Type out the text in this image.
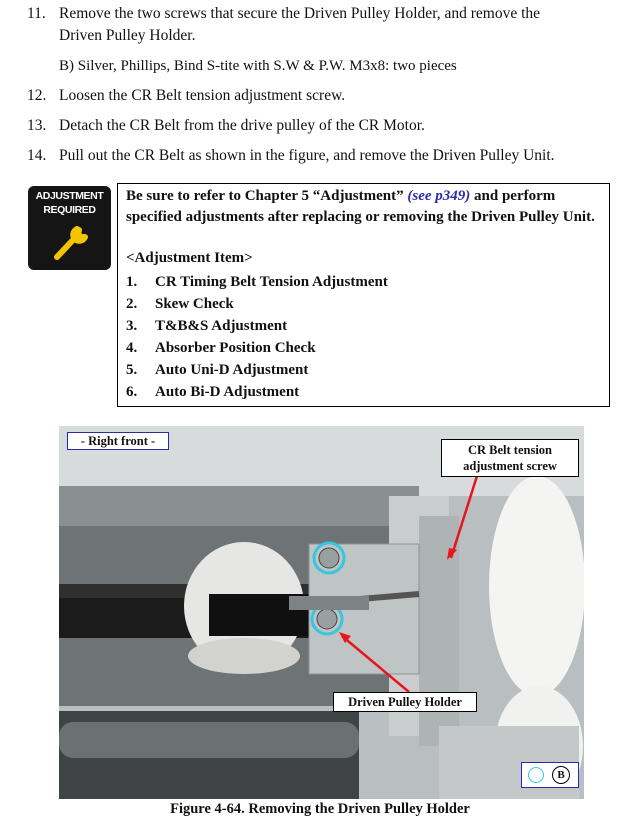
11. Remove the two screws that secure the Driven Pulley Holder, and remove the
Driven Pulley Holder.
B) Silver, Phillips, Bind S-tite with S.W & P.W. M3x8: two pieces
12. Loosen the CR Belt tension adjustment screw.
13. Detach the CR Belt from the drive pulley of the CR Motor.
14. Pull out the CR Belt as shown in the figure, and remove the Driven Pulley Unit.
ADJUSTMENT
REQUIRED
Be sure to refer to Chapter 5 “Adjustment” (see p349) and perform specified adjustments after replacing or removing the Driven Pulley Unit.
<Adjustment Item>
1. CR Timing Belt Tension Adjustment
2. Skew Check
3. T&B&S Adjustment
4. Absorber Position Check
5. Auto Uni-D Adjustment
6. Auto Bi-D Adjustment
- Right front -
CR Belt tension
adjustment screw
Driven Pulley Holder
B
Figure 4-64. Removing the Driven Pulley Holder
